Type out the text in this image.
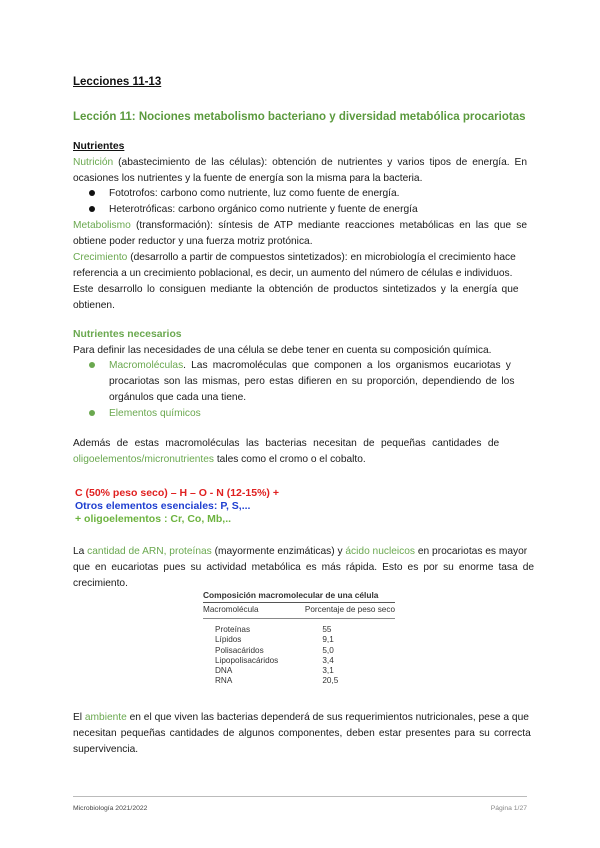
Lecciones 11-13
Lección 11: Nociones metabolismo bacteriano y diversidad metabólica procariotas
Nutrientes
Nutrición (abastecimiento de las células): obtención de nutrientes y varios tipos de energía. En
ocasiones los nutrientes y la fuente de energía son la misma para la bacteria.
Fototrofos: carbono como nutriente, luz como fuente de energía.
Heterotróficas: carbono orgánico como nutriente y fuente de energía
Metabolismo (transformación): síntesis de ATP mediante reacciones metabólicas en las que se
obtiene poder reductor y una fuerza motriz protónica.
Crecimiento (desarrollo a partir de compuestos sintetizados): en microbiología el crecimiento hace
referencia a un crecimiento poblacional, es decir, un aumento del número de células e individuos.
Este desarrollo lo consiguen mediante la obtención de productos sintetizados y la energía que
obtienen.
Nutrientes necesarios
Para definir las necesidades de una célula se debe tener en cuenta su composición química.
Macromoléculas. Las macromoléculas que componen a los organismos eucariotas y
procariotas son las mismas, pero estas difieren en su proporción, dependiendo de los
orgánulos que cada una tiene.
Elementos químicos
Además de estas macromoléculas las bacterias necesitan de pequeñas cantidades de
oligoelementos/micronutrientes tales como el cromo o el cobalto.
C (50% peso seco) – H – O - N (12-15%) +
Otros elementos esenciales: P, S,...
+ oligoelementos : Cr, Co, Mb,..
La cantidad de ARN, proteínas (mayormente enzimáticas) y ácido nucleicos en procariotas es mayor
que en eucariotas pues su actividad metabólica es más rápida. Esto es por su enorme tasa de
crecimiento.
Composición macromolecular de una célula
Macromolécula	Porcentaje de peso seco

Proteínas	55
Lípidos	9,1
Polisacáridos	5,0
Lipopolisacáridos	3,4
DNA	3,1
RNA	20,5
El ambiente en el que viven las bacterias dependerá de sus requerimientos nutricionales, pese a que
necesitan pequeñas cantidades de algunos componentes, deben estar presentes para su correcta
supervivencia.
Microbiología 2021/2022	Página 1/27
